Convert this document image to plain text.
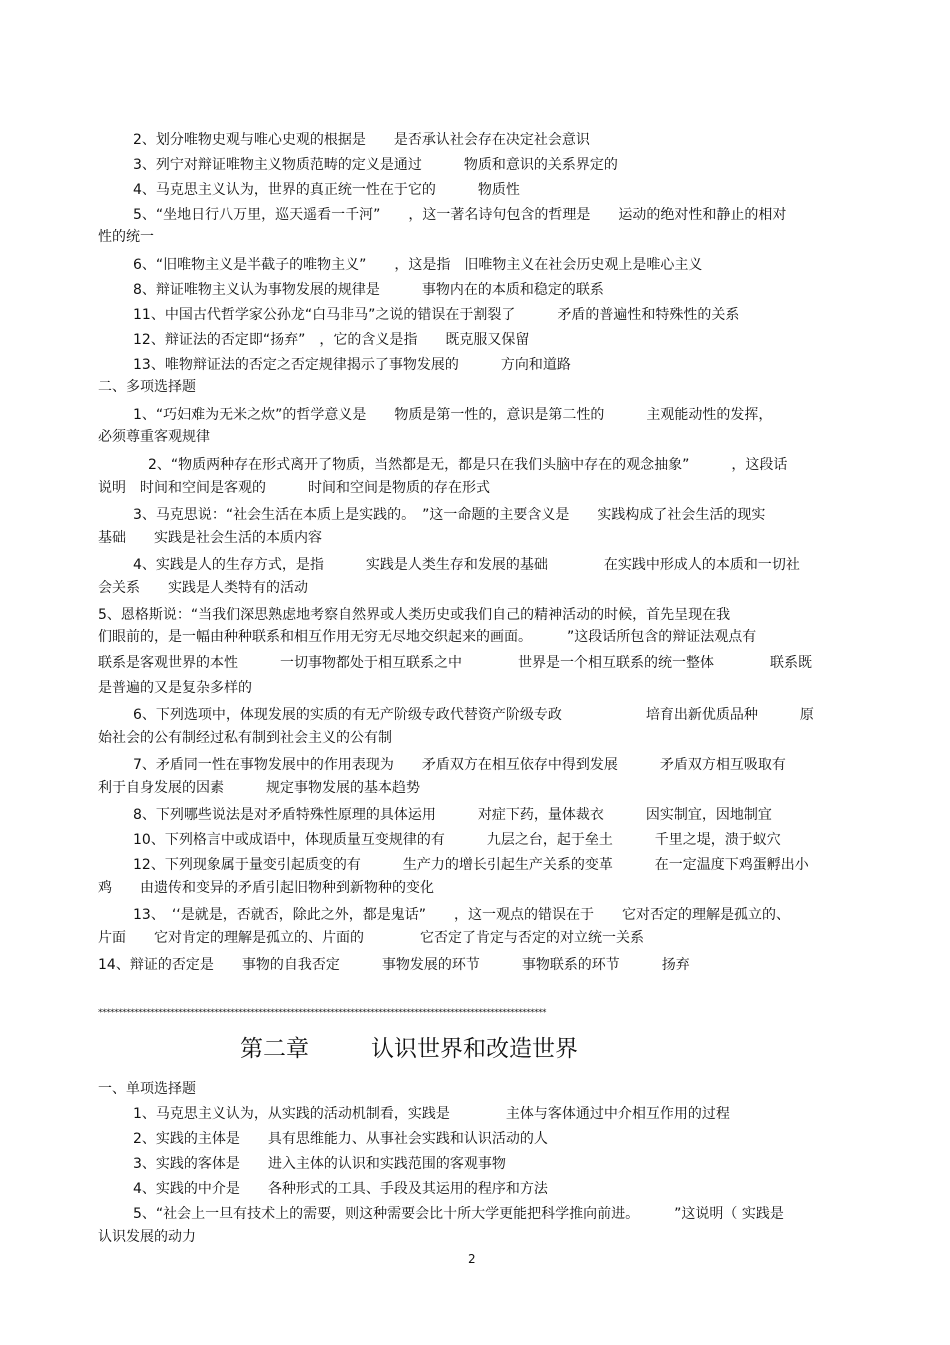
2、划分唯物史观与唯心史观的根据是　　是否承认社会存在决定社会意识
3、列宁对辩证唯物主义物质范畴的定义是通过　　　物质和意识的关系界定的
4、马克思主义认为，世界的真正统一性在于它的　　　物质性
5、“坐地日行八万里，巡天遥看一千河”　　，这一著名诗句包含的哲理是　　运动的绝对性和静止的相对
性的统一
6、“旧唯物主义是半截子的唯物主义”　　，这是指　旧唯物主义在社会历史观上是唯心主义
8、辩证唯物主义认为事物发展的规律是　　　事物内在的本质和稳定的联系
11、中国古代哲学家公孙龙“白马非马”之说的错误在于割裂了　　　矛盾的普遍性和特殊性的关系
12、辩证法的否定即“扬弃”　，它的含义是指　　既克服又保留
13、唯物辩证法的否定之否定规律揭示了事物发展的　　　方向和道路
二、多项选择题
1、“巧妇难为无米之炊”的哲学意义是　　物质是第一性的，意识是第二性的　　　主观能动性的发挥，
必须尊重客观规律
2、“物质两种存在形式离开了物质，当然都是无，都是只在我们头脑中存在的观念抽象”　　　，这段话
说明　时间和空间是客观的　　　时间和空间是物质的存在形式
3、马克思说：“社会生活在本质上是实践的。　”这一命题的主要含义是　　实践构成了社会生活的现实
基础　　实践是社会生活的本质内容
4、实践是人的生存方式，是指　　　实践是人类生存和发展的基础　　　　在实践中形成人的本质和一切社
会关系　　实践是人类特有的活动
5、恩格斯说：“当我们深思熟虑地考察自然界或人类历史或我们自己的精神活动的时候，首先呈现在我
们眼前的，是一幅由种种联系和相互作用无穷无尽地交织起来的画面。　　　”这段话所包含的辩证法观点有
联系是客观世界的本性　　　一切事物都处于相互联系之中　　　　世界是一个相互联系的统一整体　　　　联系既
是普遍的又是复杂多样的
6、下列选项中，体现发展的实质的有无产阶级专政代替资产阶级专政　　　　　　培育出新优质品种　　　原
始社会的公有制经过私有制到社会主义的公有制
7、矛盾同一性在事物发展中的作用表现为　　矛盾双方在相互依存中得到发展　　　矛盾双方相互吸取有
利于自身发展的因素　　　规定事物发展的基本趋势
8、下列哪些说法是对矛盾特殊性原理的具体运用　　　对症下药，量体裁衣　　　因实制宜，因地制宜
10、下列格言中或成语中，体现质量互变规律的有　　　九层之台，起于垒土　　　千里之堤，溃于蚁穴
12、下列现象属于量变引起质变的有　　　生产力的增长引起生产关系的变革　　　在一定温度下鸡蛋孵出小
鸡　　由遗传和变异的矛盾引起旧物种到新物种的变化
13、　‘‘是就是，否就否，除此之外，都是鬼话”　　，这一观点的错误在于　　它对否定的理解是孤立的、
片面　　它对肯定的理解是孤立的、片面的　　　　它否定了肯定与否定的对立统一关系
14、辩证的否定是　　事物的自我否定　　　事物发展的环节　　　事物联系的环节　　　扬弃
****************************************************************************************************************
第二章	认识世界和改造世界
一、单项选择题
1、马克思主义认为，从实践的活动机制看，实践是　　　　主体与客体通过中介相互作用的过程
2、实践的主体是　　具有思维能力、从事社会实践和认识活动的人
3、实践的客体是　　进入主体的认识和实践范围的客观事物
4、实践的中介是　　各种形式的工具、手段及其运用的程序和方法
5、“社会上一旦有技术上的需要，则这种需要会比十所大学更能把科学推向前进。　　　”这说明（ 实践是
认识发展的动力
2
